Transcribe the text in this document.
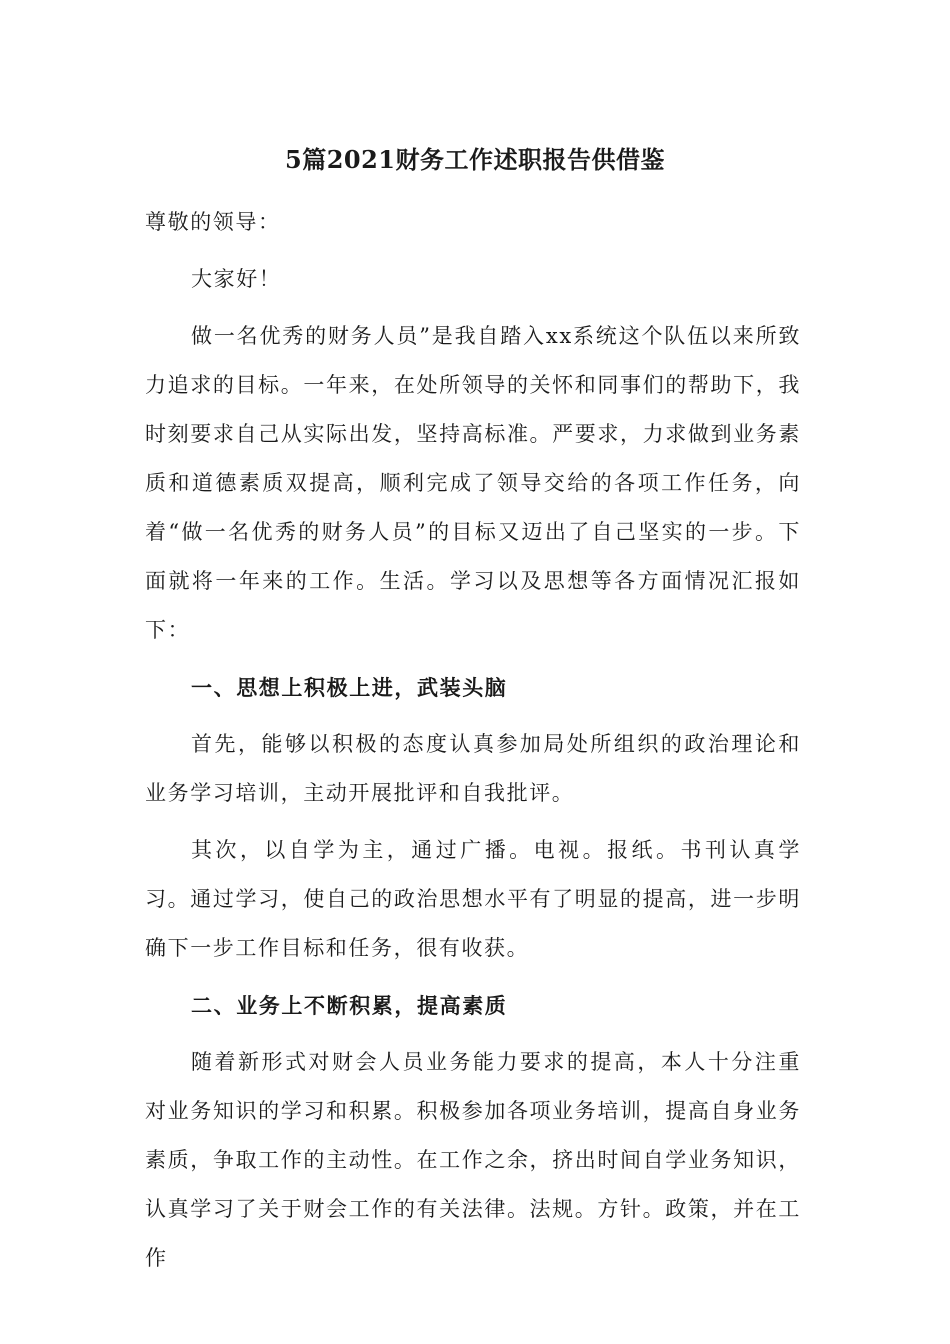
5篇2021财务工作述职报告供借鉴

尊敬的领导：

大家好！

做一名优秀的财务人员”是我自踏入xx系统这个队伍以来所致力追求的目标。一年来，在处所领导的关怀和同事们的帮助下，我时刻要求自己从实际出发，坚持高标准。严要求，力求做到业务素质和道德素质双提高，顺利完成了领导交给的各项工作任务，向着“做一名优秀的财务人员”的目标又迈出了自己坚实的一步。下面就将一年来的工作。生活。学习以及思想等各方面情况汇报如下：

一、思想上积极上进，武装头脑

首先，能够以积极的态度认真参加局处所组织的政治理论和业务学习培训，主动开展批评和自我批评。

其次，以自学为主，通过广播。电视。报纸。书刊认真学习。通过学习，使自己的政治思想水平有了明显的提高，进一步明确下一步工作目标和任务，很有收获。

二、业务上不断积累，提高素质

随着新形式对财会人员业务能力要求的提高，本人十分注重对业务知识的学习和积累。积极参加各项业务培训，提高自身业务素质，争取工作的主动性。在工作之余，挤出时间自学业务知识，认真学习了关于财会工作的有关法律。法规。方针。政策，并在工作
